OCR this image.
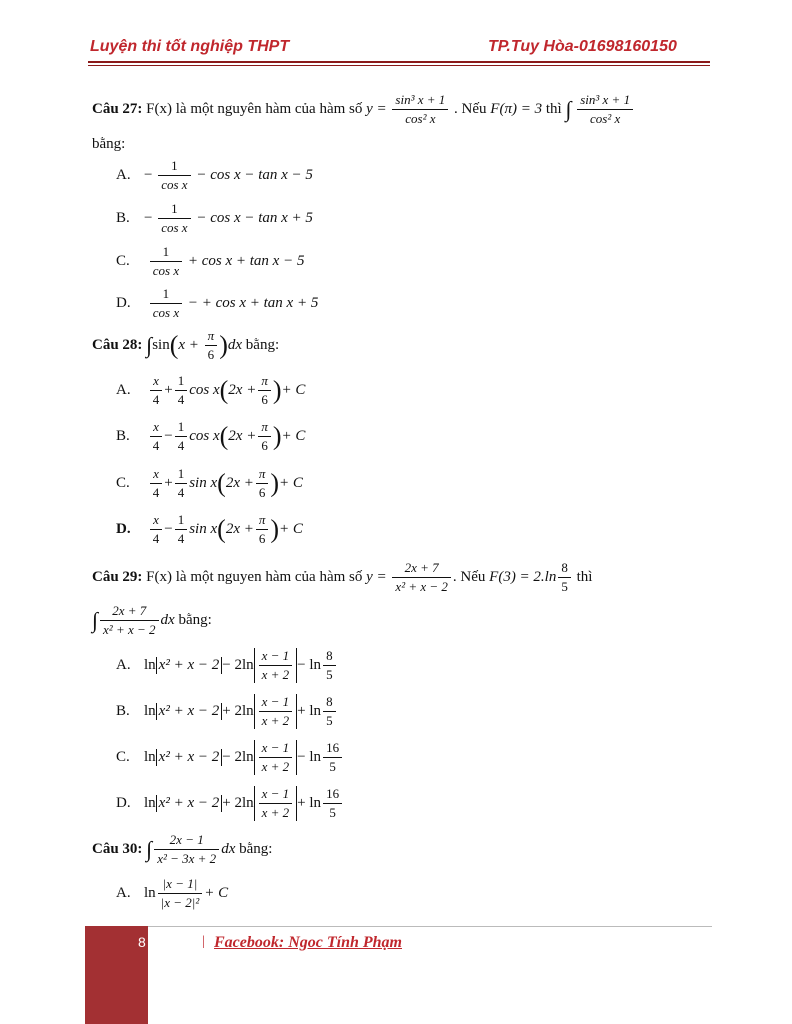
Luyện thi tốt nghiệp THPT	TP.Tuy Hòa-01698160150
Câu 27: F(x) là một nguyên hàm của hàm số $y = \frac{\text{sin³ x + 1}}{\text{cos² x}}$ . Nếu F(π) = 3 thì ∫ $\frac{\text{sin³ x + 1}}{\text{cos² x}}$
bằng:
A. − $\frac{1}{\text{cos x}} - \cos x - \tan x - 5$
B. − $\frac{1}{\text{cos x}} - \cos x - \tan x + 5$
C. $\frac{1}{\text{cos x}} + \cos x + \tan x - 5$
D. $\frac{1}{\text{cos x}}$ − + cos x + tan x + 5
Câu 28: $\int\sin(x + \frac{\pi}{6} )dx$ bằng:
A. $\frac{x}{4} + \frac{1}{4}$ $\cos x(2x + \frac{\pi}{6}$ )+ C
B. $\frac{x}{4} - \frac{1}{4}$ $\cos x(2x + \frac{\pi}{6}$ )+ C
C. $\frac{x}{4} + \frac{1}{4}$ $\sin x(2x + \frac{\pi}{6}$ )+ C
D. $\frac{x}{4} - \frac{1}{4}$ $\sin x(2x + \frac{\pi}{6}$ )+ C
Câu 29: F(x) là một nguyen hàm của hàm số $y = \frac{2x + 7}{\text{x² + x − 2}}$ . Nếu $F(3) = 2.\ln \frac{8}{5}$ thì
∫ $\frac{2x + 7}{\text{x² + x − 2}}$ dx bằng:
A. $\ln x^2 + x - 2 - 2\ln \frac{x - 1}{x + 2} - \ln \frac{8}{5}$
B. $\ln x^2 + x - 2 + 2\ln \frac{x - 1}{x + 2} + \ln \frac{8}{5}$
C. $\ln x^2 + x - 2 - 2\ln \frac{x - 1}{x + 2} - \ln \frac{16}{5}$
D. $\ln x^2 + x - 2 + 2\ln \frac{x - 1}{x + 2} + \ln \frac{16}{5}$
Câu 30: ∫ $\frac{2x - 1}{\text{x² − 3x + 2}}$ dx bằng:
A. $\ln \frac{|x - 1|}{\text{|x − 2|²}} + C$
8	Facebook: Ngoc Tính Phạm
|
